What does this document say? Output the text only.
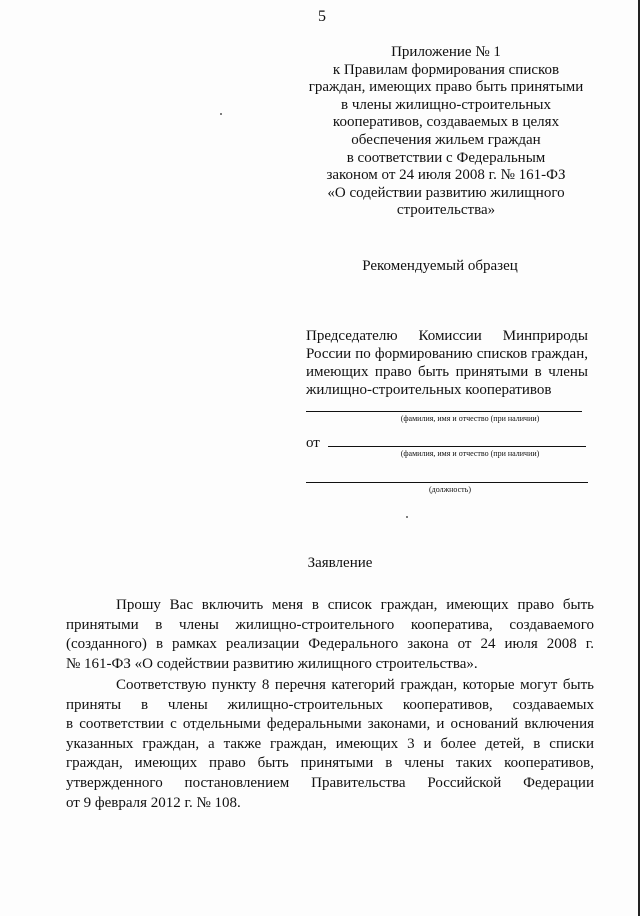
5
Приложение № 1
к Правилам формирования списков
граждан, имеющих право быть принятыми
в члены жилищно-строительных
кооперативов, создаваемых в целях
обеспечения жильем граждан
в соответствии с Федеральным
законом от 24 июля 2008 г. № 161-ФЗ
«О содействии развитию жилищного
строительства»
Рекомендуемый образец
Председателю Комиссии Минприроды
России по формированию списков граждан,
имеющих право быть принятыми в члены
жилищно-строительных кооперативов
(фамилия, имя и отчество (при наличии)
от
(фамилия, имя и отчество (при наличии)
(должность)
Заявление
Прошу Вас включить меня в список граждан, имеющих право быть
принятыми в члены жилищно-строительного кооператива, создаваемого
(созданного) в рамках реализации Федерального закона от 24 июля 2008 г.
№ 161-ФЗ «О содействии развитию жилищного строительства».
Соответствую пункту 8 перечня категорий граждан, которые могут быть
приняты в члены жилищно-строительных кооперативов, создаваемых
в соответствии с отдельными федеральными законами, и оснований включения
указанных граждан, а также граждан, имеющих 3 и более детей, в списки
граждан, имеющих право быть принятыми в члены таких кооперативов,
утвержденного постановлением Правительства Российской Федерации
от 9 февраля 2012 г. № 108.
